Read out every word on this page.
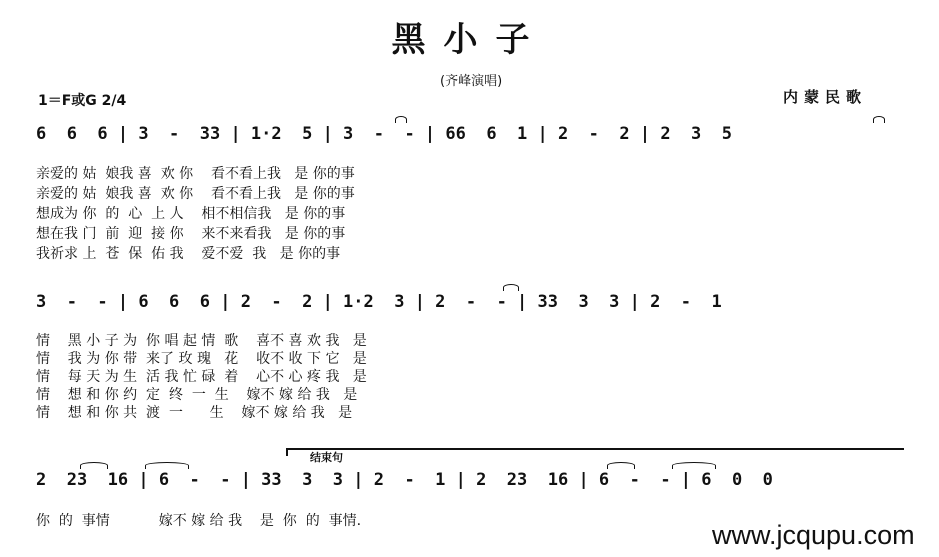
黑小子
(齐峰演唱)
1＝F或G 2/4	内蒙民歌
6  6  6 | 3  -  33 | 1·2  5 | 3  -  - | 66  6  1 | 2  -  2 | 2  3  5
亲爱的 姑  娘我 喜  欢 你    看不看上我   是 你的事
亲爱的 姑  娘我 喜  欢 你    看不看上我   是 你的事
想成为 你  的  心  上 人    相不相信我   是 你的事
想在我 门  前  迎  接 你    来不来看我   是 你的事
我祈求 上  苍  保  佑 我    爱不爱  我   是 你的事
3  -  - | 6  6  6 | 2  -  2 | 1·2  3 | 2  -  - | 33  3  3 | 2  -  1
情    黑 小 子 为  你 唱 起 情  歌    喜不 喜 欢 我   是
情    我 为 你 带  来了 玫 瑰   花    收不 收 下 它   是
情    每 天 为 生  活 我 忙 碌  着    心不 心 疼 我   是
情    想 和 你 约  定  终  一  生    嫁不 嫁 给 我   是
情    想 和 你 共  渡  一      生    嫁不 嫁 给 我   是
结束句
2  23  16 | 6  -  - | 33  3  3 | 2  -  1 | 2  23  16 | 6  -  - | 6  0  0
你  的  事情           嫁不 嫁 给 我    是  你  的  事情.	www.jcqupu.com
